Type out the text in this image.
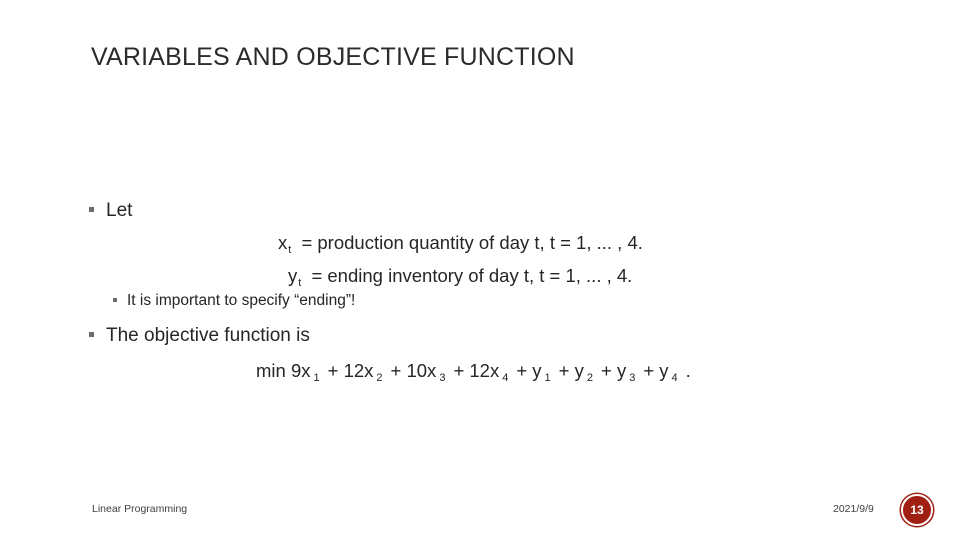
VARIABLES AND OBJECTIVE FUNCTION
Let
$x_t$ = production quantity of day t, t = 1, ... , 4.
$y_t$ = ending inventory of day t, t = 1, ... , 4.
It is important to specify “ending”!
The objective function is
min 9x $_1$ + 12x $_2$ + 10x $_3$ + 12x $_4$ + y $_1$ + y $_2$ + y $_3$ + y $_4$ .
Linear Programming	2021/9/9	13
